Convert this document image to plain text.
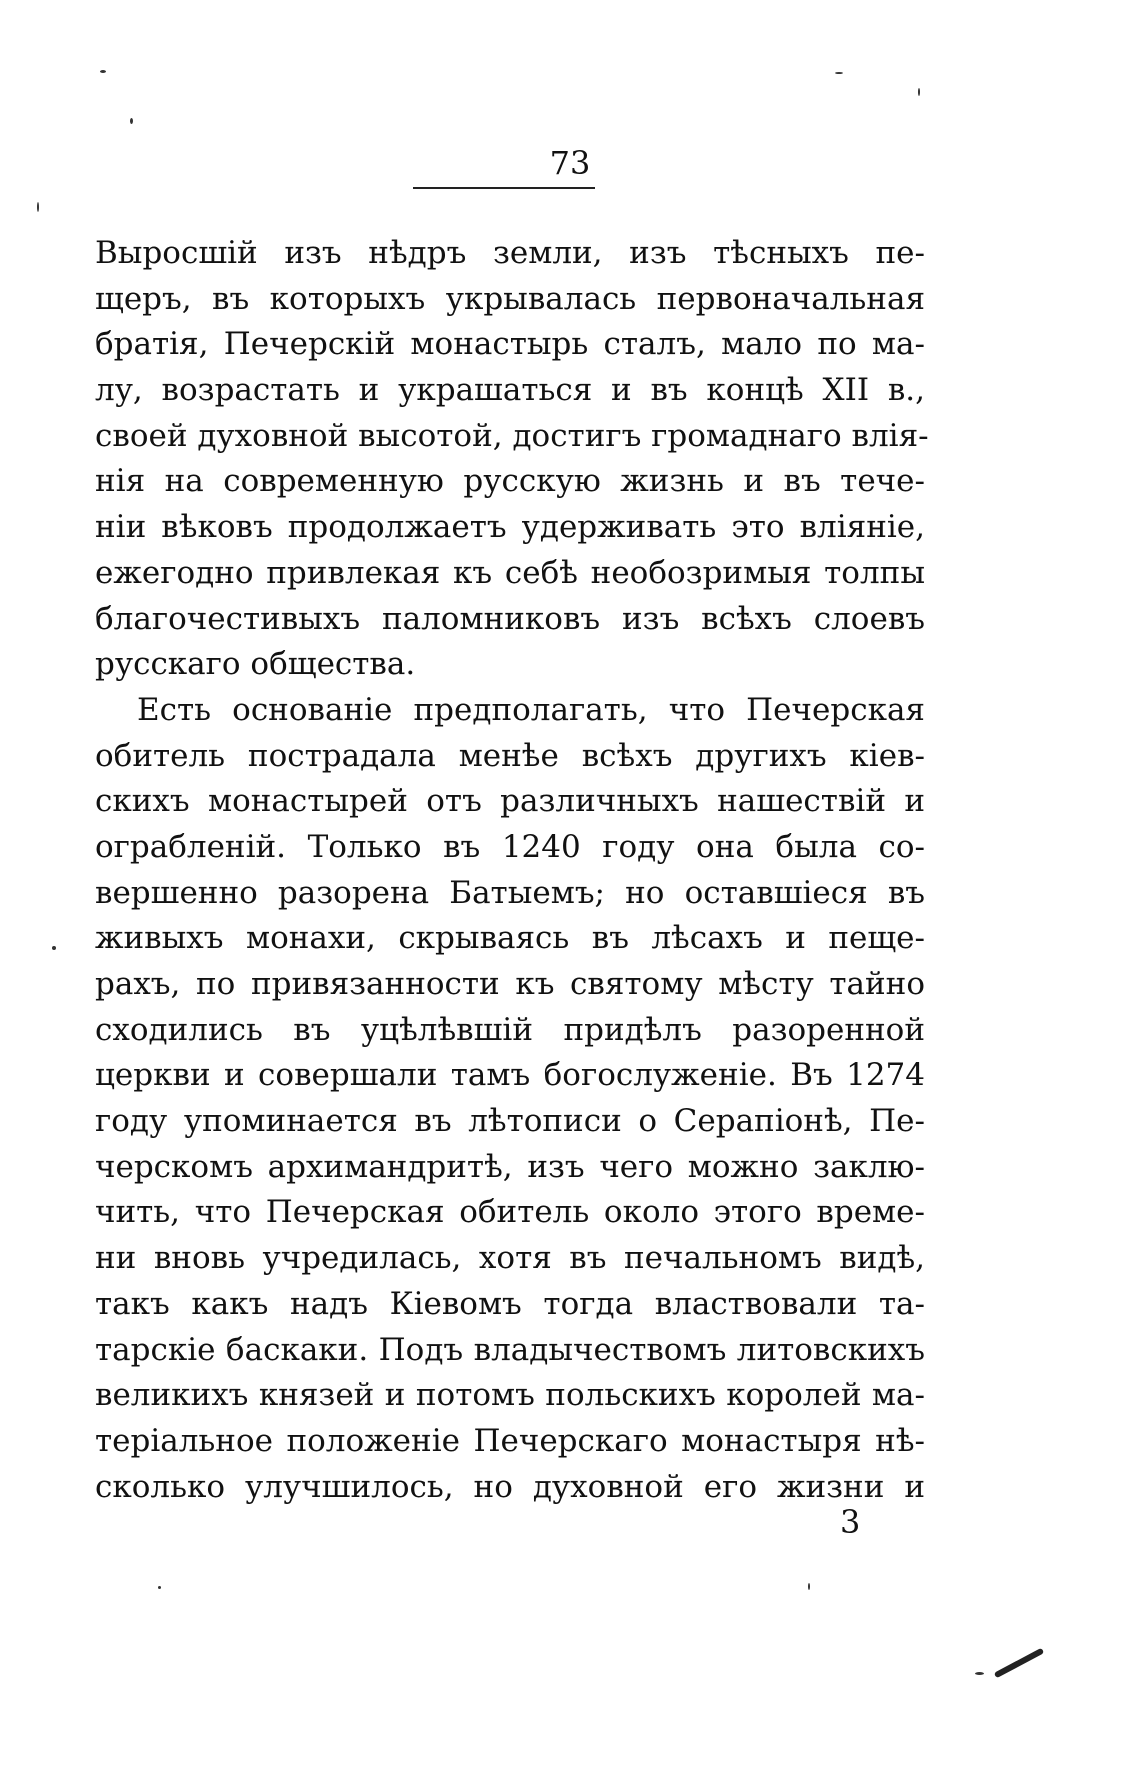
73
Выросшій изъ нѣдръ земли, изъ тѣсныхъ пе-
щеръ, въ которыхъ укрывалась первоначальная
братія, Печерскій монастырь сталъ, мало по ма-
лу, возрастать и украшаться и въ концѣ XII в.,
своей духовной высотой, достигъ громаднаго влія-
нія на современную русскую жизнь и въ тече-
ніи вѣковъ продолжаетъ удерживать это вліяніе,
ежегодно привлекая къ себѣ необозримыя толпы
благочестивыхъ паломниковъ изъ всѣхъ слоевъ
русскаго общества.
Есть основаніе предполагать, что Печерская
обитель пострадала менѣе всѣхъ другихъ кiев-
скихъ монастырей отъ различныхъ нашествій и
ограбленій. Только въ 1240 году она была со-
вершенно разорена Батыемъ; но оставшіеся въ
живыхъ монахи, скрываясь въ лѣсахъ и пеще-
рахъ, по привязанности къ святому мѣсту тайно
сходились въ уцѣлѣвшій придѣлъ разоренной
церкви и совершали тамъ богослуженіе. Въ 1274
году упоминается въ лѣтописи о Серапіонѣ, Пе-
черскомъ архимандритѣ, изъ чего можно заклю-
чить, что Печерская обитель около этого време-
ни вновь учредилась, хотя въ печальномъ видѣ,
такъ какъ надъ Кіевомъ тогда властвовали та-
тарскіе баскаки. Подъ владычествомъ литовскихъ
великихъ князей и потомъ польскихъ королей ма-
теріальное положеніе Печерскаго монастыря нѣ-
сколько улучшилось, но духовной его жизни и
3
